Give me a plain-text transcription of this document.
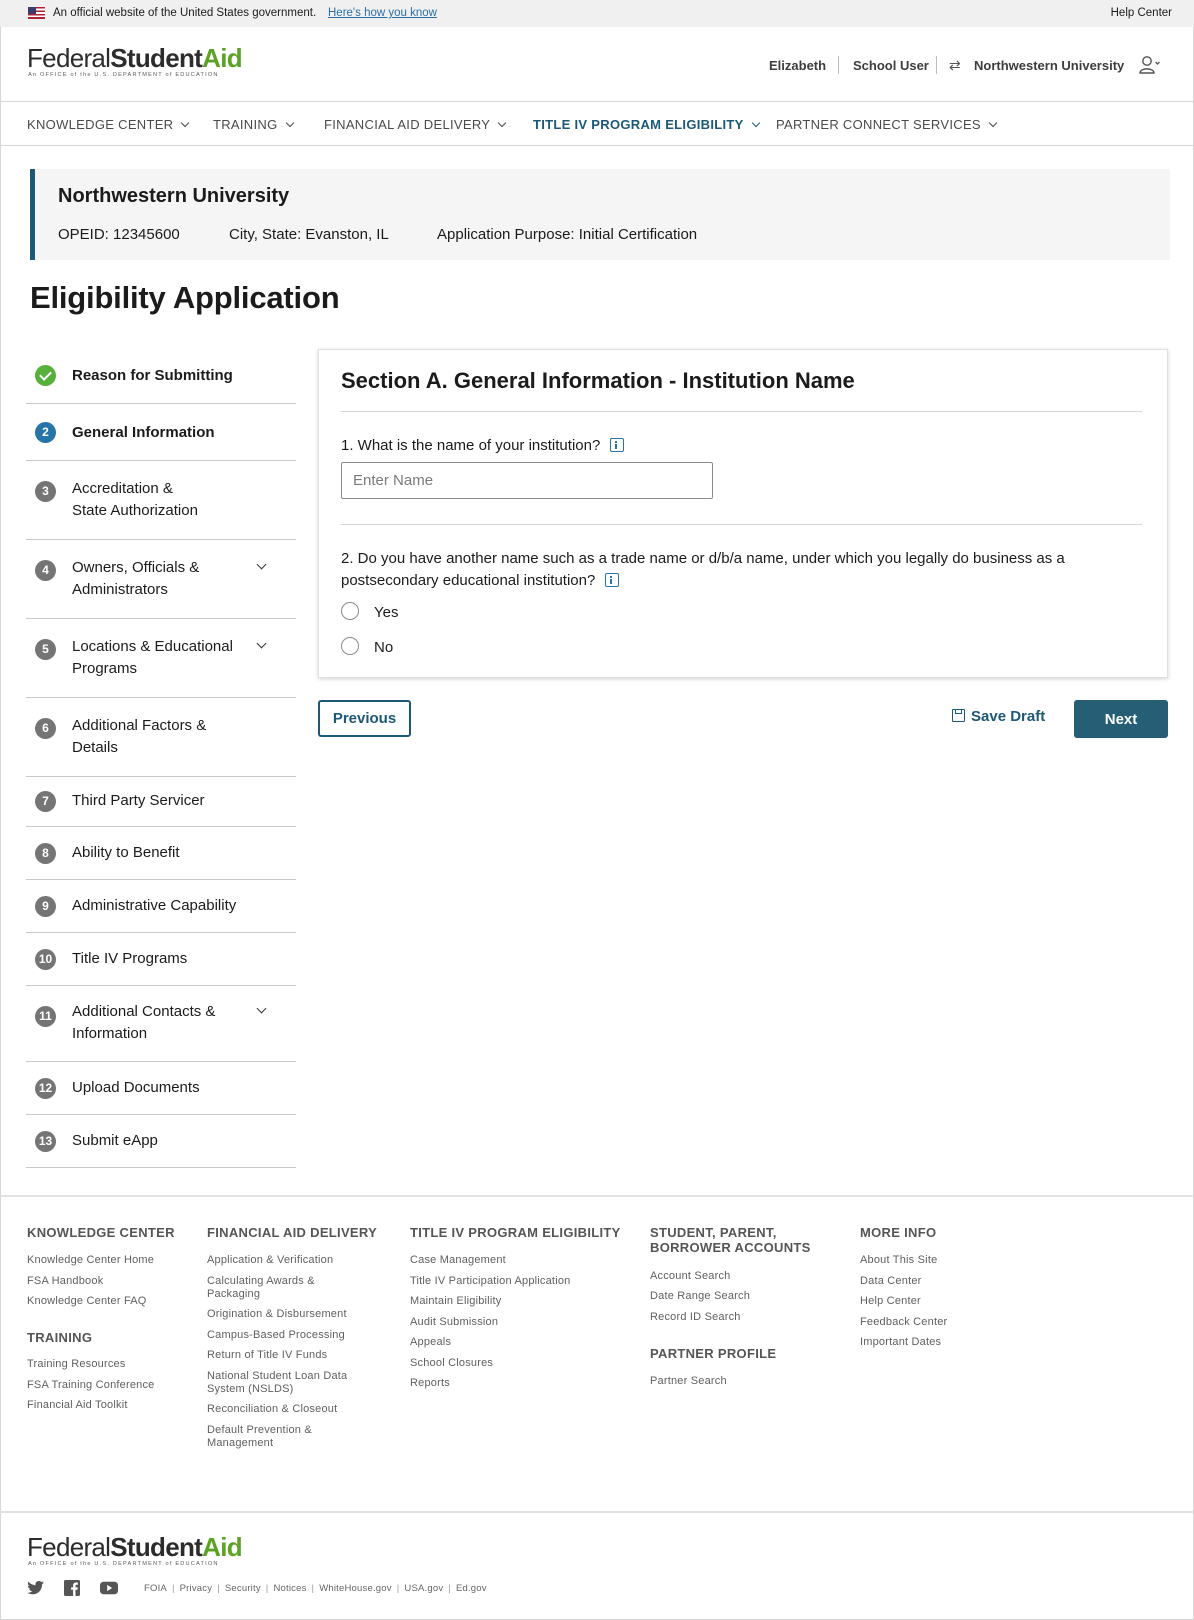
An official website of the United States government. Here's how you know	Help Center
FederalStudentAid
An OFFICE of the U.S. DEPARTMENT of EDUCATION
Elizabeth School User ⇄ Northwestern University
KNOWLEDGE CENTER	TRAINING	FINANCIAL AID DELIVERY	TITLE IV PROGRAM ELIGIBILITY	PARTNER CONNECT SERVICES
Northwestern University
OPEID: 12345600	City, State: Evanston, IL	Application Purpose: Initial Certification
Eligibility Application
Reason for Submitting
2	General Information
3	Accreditation &
State Authorization
4	Owners, Officials &
Administrators
5	Locations & Educational
Programs
6	Additional Factors &
Details
7	Third Party Servicer
8	Ability to Benefit
9	Administrative Capability
10 Title IV Programs
11 Additional Contacts &
Information
12 Upload Documents
13 Submit eApp
Section A. General Information - Institution Name
1. What is the name of your institution?
Enter Name
2. Do you have another name such as a trade name or d/b/a name, under which you legally do business as a
postsecondary educational institution?
Yes
No
Previous	Save Draft	Next
KNOWLEDGE CENTER
Knowledge Center Home
FSA Handbook
Knowledge Center FAQ
TRAINING
Training Resources
FSA Training Conference
Financial Aid Toolkit
FINANCIAL AID DELIVERY
Application & Verification
Calculating Awards &
Packaging
Origination & Disbursement
Campus-Based Processing
Return of Title IV Funds
National Student Loan Data
System (NSLDS)
Reconciliation & Closeout
Default Prevention &
Management
TITLE IV PROGRAM ELIGIBILITY
Case Management
Title IV Participation Application
Maintain Eligibility
Audit Submission
Appeals
School Closures
Reports
STUDENT, PARENT,
BORROWER ACCOUNTS
Account Search
Date Range Search
Record ID Search
PARTNER PROFILE
Partner Search
MORE INFO
About This Site
Data Center
Help Center
Feedback Center
Important Dates
FederalStudentAid
An OFFICE of the U.S. DEPARTMENT of EDUCATION
FOIA | Privacy | Security | Notices | WhiteHouse.gov | USA.gov | Ed.gov
